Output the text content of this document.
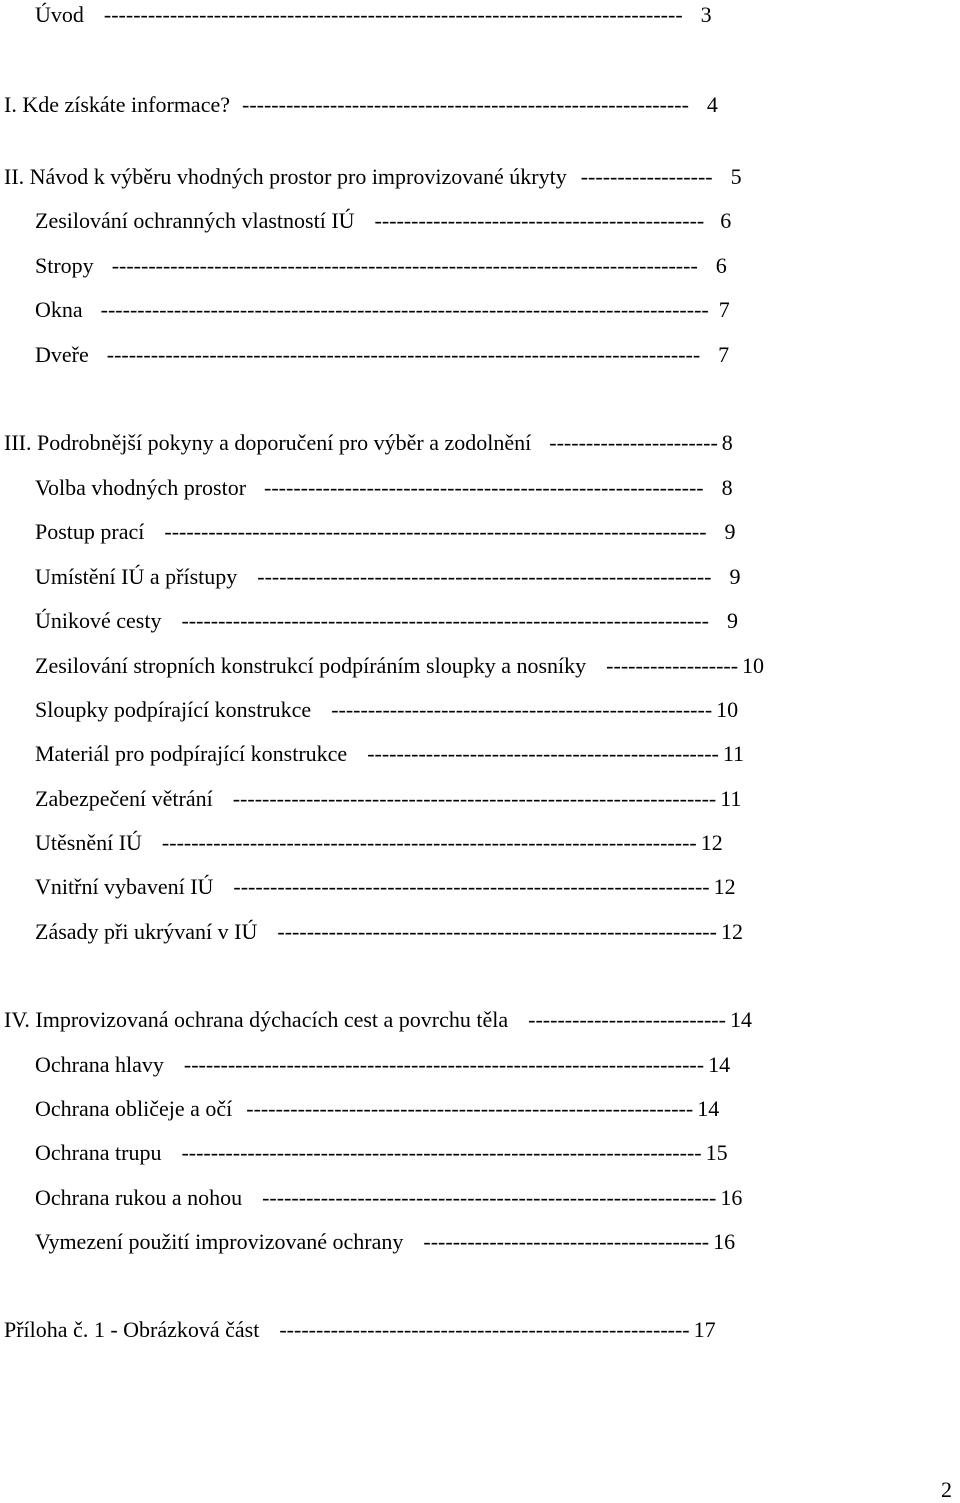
Úvod ------------------------------------------------------------------------------- 3
I. Kde získáte informace? ------------------------------------------------------------- 4
II. Návod k výběru vhodných prostor pro improvizované úkryty ------------------ 5
Zesilování ochranných vlastností IÚ --------------------------------------------- 6
Stropy -------------------------------------------------------------------------------- 6
Okna ----------------------------------------------------------------------------------- 7
Dveře --------------------------------------------------------------------------------- 7
III. Podrobnější pokyny a doporučení pro výběr a zodolnění ----------------------- 8
Volba vhodných prostor ------------------------------------------------------------ 8
Postup prací -------------------------------------------------------------------------- 9
Umístění IÚ a přístupy -------------------------------------------------------------- 9
Únikové cesty ------------------------------------------------------------------------ 9
Zesilování stropních konstrukcí podpíráním sloupky a nosníky ------------------ 10
Sloupky podpírající konstrukce ---------------------------------------------------- 10
Materiál pro podpírající konstrukce ------------------------------------------------ 11
Zabezpečení větrání ------------------------------------------------------------------ 11
Utěsnění IÚ ------------------------------------------------------------------------- 12
Vnitřní vybavení IÚ ----------------------------------------------------------------- 12
Zásady při ukrývaní v IÚ ------------------------------------------------------------ 12
IV. Improvizovaná ochrana dýchacích cest a povrchu těla --------------------------- 14
Ochrana hlavy ----------------------------------------------------------------------- 14
Ochrana obličeje a očí ------------------------------------------------------------- 14
Ochrana trupu ----------------------------------------------------------------------- 15
Ochrana rukou a nohou -------------------------------------------------------------- 16
Vymezení použití improvizované ochrany --------------------------------------- 16
Příloha č. 1 - Obrázková část -------------------------------------------------------- 17
2
